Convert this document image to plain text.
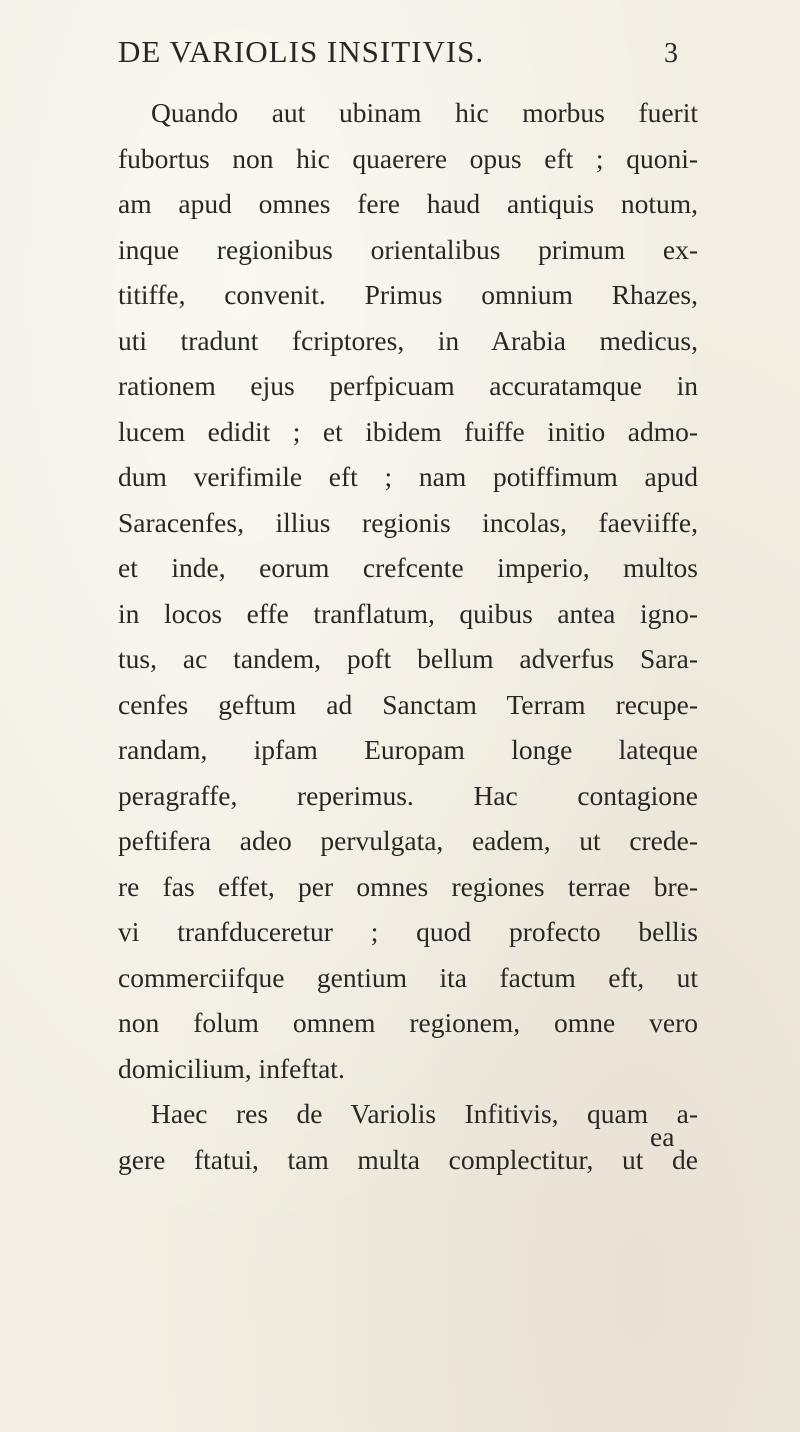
DE VARIOLIS INSITIVIS.	3
Quando aut ubinam hic morbus fuerit
fubortus non hic quaerere opus eft ; quoni-
am apud omnes fere haud antiquis notum,
inque regionibus orientalibus primum ex-
titiffe, convenit. Primus omnium Rhazes,
uti tradunt fcriptores, in Arabia medicus,
rationem ejus perfpicuam accuratamque in
lucem edidit ; et ibidem fuiffe initio admo-
dum verifimile eft ; nam potiffimum apud
Saracenfes, illius regionis incolas, faeviiffe,
et inde, eorum crefcente imperio, multos
in locos effe tranflatum, quibus antea igno-
tus, ac tandem, poft bellum adverfus Sara-
cenfes geftum ad Sanctam Terram recupe-
randam, ipfam Europam longe lateque
peragraffe, reperimus. Hac contagione
peftifera adeo pervulgata, eadem, ut crede-
re fas effet, per omnes regiones terrae bre-
vi tranfduceretur ; quod profecto bellis
commerciifque gentium ita factum eft, ut
non folum omnem regionem, omne vero
domicilium, infeftat.
Haec res de Variolis Infitivis, quam a-
gere ftatui, tam multa complectitur, ut de
ea
